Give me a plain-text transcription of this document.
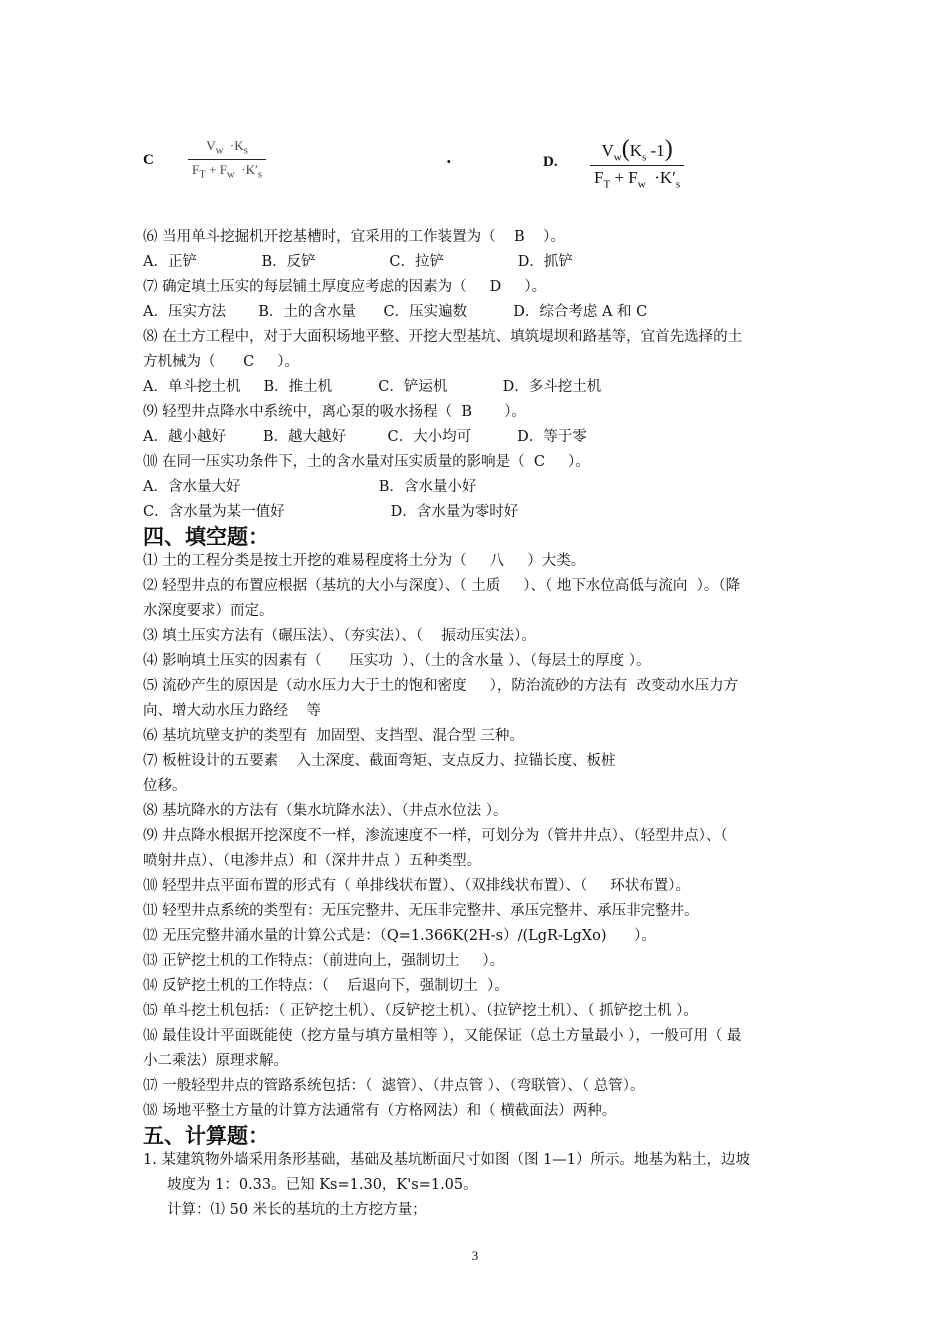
C	$\frac{V_w \cdot K_s}{F_T + F_w \cdot K'_s}$	·	D. $\frac{V_w(K_s -1)}{F_T + F_w \cdot K'_s}$
⑹ 当用单斗挖掘机开挖基槽时，宜采用的工作装置为（    B    ）。
A．正铲              B．反铲                C．拉铲                D．抓铲
⑺ 确定填土压实的每层铺土厚度应考虑的因素为（     D     ）。
A．压实方法       B．土的含水量      C．压实遍数          D．综合考虑 A 和 C
⑻ 在土方工程中，对于大面积场地平整、开挖大型基坑、填筑堤坝和路基等，宜首先选择的土
方机械为（      C     ）。
A．单斗挖土机     B．推土机          C．铲运机            D．多斗挖土机
⑼ 轻型井点降水中系统中，离心泵的吸水扬程（  B       ）。
A．越小越好        B．越大越好         C．大小均可          D．等于零
⑽ 在同一压实功条件下，土的含水量对压实质量的影响是（  C     ）。
A．含水量大好                              B．含水量小好
C．含水量为某一值好                       D．含水量为零时好
四、填空题：
⑴ 土的工程分类是按土开挖的难易程度将土分为（     八     ）大类。
⑵ 轻型井点的布置应根据（基坑的大小与深度）、（ 土质     ）、（ 地下水位高低与流向  ）。（降
水深度要求）而定。
⑶ 填土压实方法有（碾压法）、（夯实法）、（    振动压实法）。
⑷ 影响填土压实的因素有（      压实功  ）、（土的含水量 ）、（每层土的厚度 ）。
⑸ 流砂产生的原因是（动水压力大于土的饱和密度     ），防治流砂的方法有  改变动水压力方
向、增大动水压力路经    等
⑹ 基坑坑壁支护的类型有  加固型、支挡型、混合型 三种。
⑺ 板桩设计的五要素    入土深度、截面弯矩、支点反力、拉锚长度、板桩
位移。
⑻ 基坑降水的方法有（集水坑降水法）、（井点水位法 ）。
⑼ 井点降水根据开挖深度不一样，渗流速度不一样，可划分为（管井井点）、（轻型井点）、（
喷射井点）、（电渗井点）和（深井井点 ）五种类型。
⑽ 轻型井点平面布置的形式有（ 单排线状布置）、（双排线状布置）、（     环状布置）。
⑾ 轻型井点系统的类型有：无压完整井、无压非完整井、承压完整井、承压非完整井。
⑿ 无压完整井涌水量的计算公式是：（Q=1.366K(2H-s）/(LgR-LgXo)      ）。
⒀ 正铲挖土机的工作特点：（前进向上，强制切土     ）。
⒁ 反铲挖土机的工作特点：（    后退向下，强制切土  ）。
⒂ 单斗挖土机包括：（ 正铲挖土机）、（反铲挖土机）、（拉铲挖土机）、（ 抓铲挖土机 ）。
⒃ 最佳设计平面既能使（挖方量与填方量相等 ），又能保证（总土方量最小 ），一般可用（ 最
小二乘法）原理求解。
⒄ 一般轻型井点的管路系统包括：（  滤管）、（井点管 ）、（弯联管）、（ 总管）。
⒅ 场地平整土方量的计算方法通常有（方格网法）和（ 横截面法）两种。
五、计算题：
1. 某建筑物外墙采用条形基础，基础及基坑断面尺寸如图（图 1—1）所示。地基为粘土，边坡
坡度为 1：0.33。已知 Ks=1.30，K's=1.05。
计算：⑴ 50 米长的基坑的土方挖方量；
3
